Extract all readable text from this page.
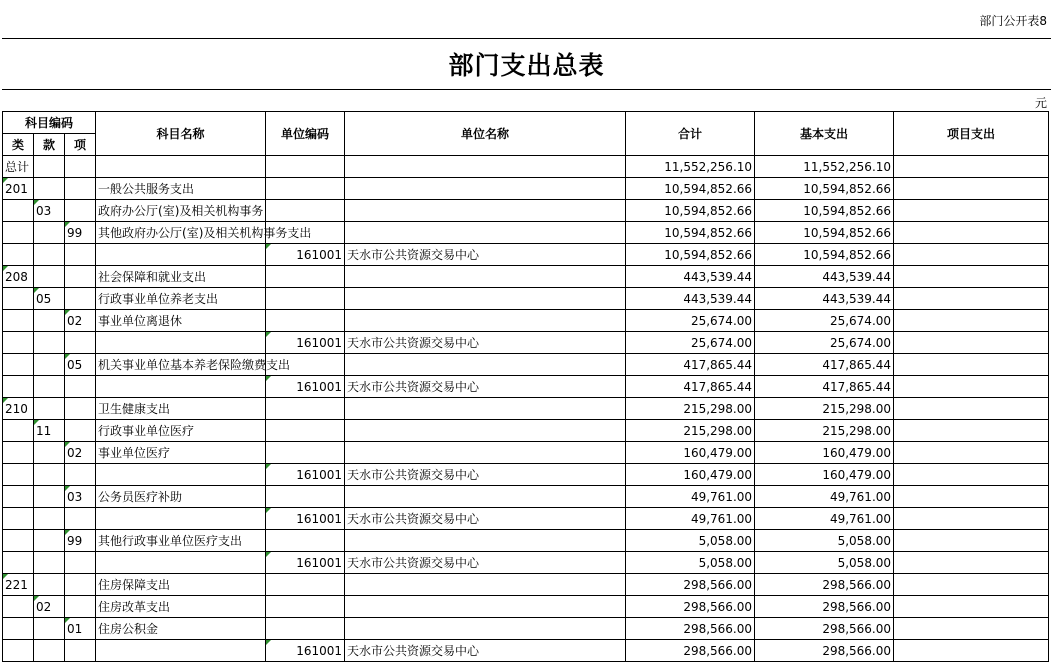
部门公开表8
部门支出总表
元
科目编码			科目名称	单位编码	单位名称	合计	基本支出	项目支出
类	款	项						

总计						11,552,256.10	11,552,256.10	

201			一般公共服务支出			10,594,852.66	10,594,852.66	

	03		政府办公厅(室)及相关机构事务			10,594,852.66	10,594,852.66	

		99	其他政府办公厅(室)及相关机构事务支出			10,594,852.66	10,594,852.66	

				161001	天水市公共资源交易中心	10,594,852.66	10,594,852.66	

208			社会保障和就业支出			443,539.44	443,539.44	

	05		行政事业单位养老支出			443,539.44	443,539.44	

		02	事业单位离退休			25,674.00	25,674.00	

				161001	天水市公共资源交易中心	25,674.00	25,674.00	

		05	机关事业单位基本养老保险缴费支出			417,865.44	417,865.44	

				161001	天水市公共资源交易中心	417,865.44	417,865.44	

210			卫生健康支出			215,298.00	215,298.00	

	11		行政事业单位医疗			215,298.00	215,298.00	

		02	事业单位医疗			160,479.00	160,479.00	

				161001	天水市公共资源交易中心	160,479.00	160,479.00	

		03	公务员医疗补助			49,761.00	49,761.00	

				161001	天水市公共资源交易中心	49,761.00	49,761.00	

		99	其他行政事业单位医疗支出			5,058.00	5,058.00	

				161001	天水市公共资源交易中心	5,058.00	5,058.00	

221			住房保障支出			298,566.00	298,566.00	

	02		住房改革支出			298,566.00	298,566.00	

		01	住房公积金			298,566.00	298,566.00	

				161001	天水市公共资源交易中心	298,566.00	298,566.00	
